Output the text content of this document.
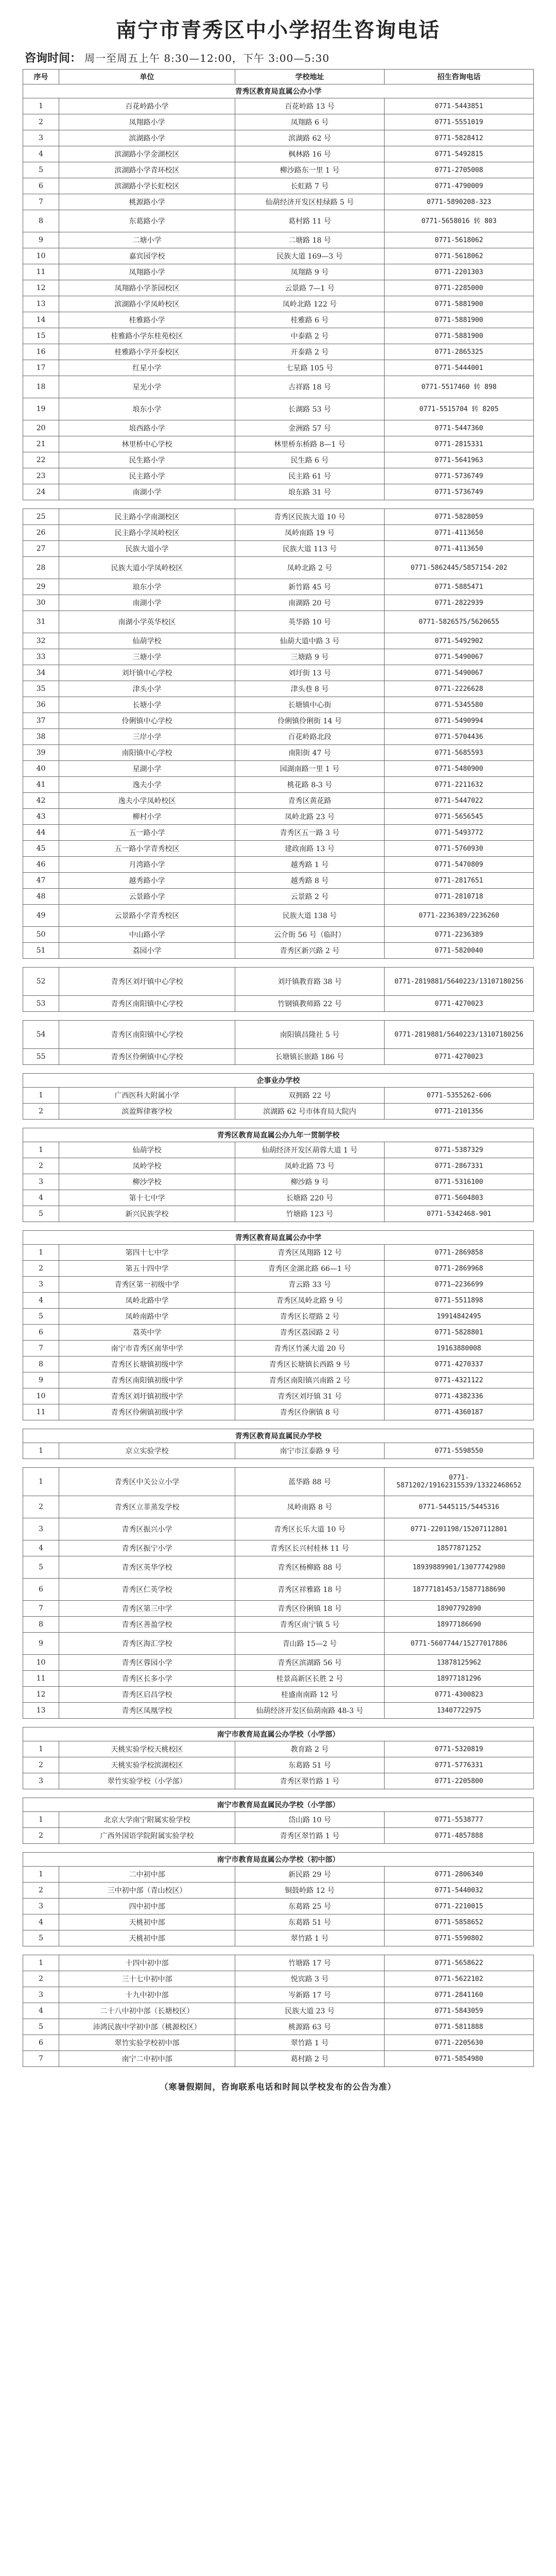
南宁市青秀区中小学招生咨询电话
咨询时间： 周一至周五上午 8:30—12:00，下午 3:00—5:30
序号	单位	学校地址	招生咨询电话
青秀区教育局直属公办小学			
1	百花岭路小学	百花岭路 13 号	0771-5443851
2	凤翔路小学	凤翔路 6 号	0771-5551019
3	滨湖路小学	滨湖路 62 号	0771-5828412
4	滨湖路小学金湖校区	枫林路 16 号	0771-5492815
5	滨湖路小学青环校区	柳沙路东一里 1 号	0771-2705008
6	滨湖路小学长虹校区	长虹路 7 号	0771-4790009
7	桃源路小学	仙葫经济开发区桂绿路 5 号	0771-5890208-323
8	东葛路小学	葛村路 11 号	0771-5658016 转 803
9	二塘小学	二塘路 18 号	0771-5618062
10	嘉宾园学校	民族大道 169—3 号	0771-5618062
11	凤翔路小学	凤翔路 9 号	0771-2201303
12	凤翔路小学茶园校区	云景路 7—1 号	0771-2285000
13	滨湖路小学凤岭校区	凤岭北路 122 号	0771-5881900
14	桂雅路小学	桂雅路 6 号	0771-5881900
15	桂雅路小学东桂苑校区	中泰路 2 号	0771-5881900
16	桂雅路小学开泰校区	开泰路 2 号	0771-2865325
17	红星小学	七星路 105 号	0771-5444001
18	星光小学	古祥路 18 号	0771-5517460 转 898
19	埌东小学	长湖路 53 号	0771-5515704 转 8205
20	埌西路小学	金洲路 57 号	0771-5447360
21	林里桥中心学校	林里桥东桥路 8—1 号	0771-2815331
22	民生路小学	民生路 6 号	0771-5641963
23	民主路小学	民主路 61 号	0771-5736749
24	南湖小学	埌东路 31 号	0771-5736749

25	民主路小学南湖校区	青秀区民族大道 10 号	0771-5828059
26	民主路小学凤岭校区	凤岭南路 19 号	0771-4113650
27	民族大道小学	民族大道 113 号	0771-4113650
28	民族大道小学凤岭校区	凤岭北路 2 号	0771-5862445/5857154-202
29	琅东小学	新竹路 45 号	0771-5885471
30	南湖小学	南湖路 20 号	0771-2822939
31	南湖小学英华校区	英华路 10 号	0771-5826575/5620655
32	仙葫学校	仙葫大道中路 3 号	0771-5492902
33	三塘小学	三塘路 9 号	0771-5490067
34	刘圩镇中心学校	刘圩街 13 号	0771-5490067
35	津头小学	津头巷 8 号	0771-2226628
36	长塘小学	长塘镇中心街	0771-5345580
37	伶俐镇中心学校	伶俐镇伶俐街 14 号	0771-5490994
38	三岸小学	百花岭路北段	0771-5704436
39	南阳镇中心学校	南阳街 47 号	0771-5685593
40	星湖小学	园湖南路一里 1 号	0771-5480900
41	逸夫小学	桃花路 8-3 号	0771-2211632
42	逸夫小学凤岭校区	青秀区黄花路	0771-5447022
43	柳村小学	凤岭北路 23 号	0771-5656545
44	五一路小学	青秀区五一路 3 号	0771-5493772
45	五一路小学青秀校区	建政南路 13 号	0771-5760930
46	月湾路小学	越秀路 1 号	0771-5470809
47	越秀路小学	越秀路 8 号	0771-2817651
48	云景路小学	云景路 2 号	0771-2810718
49	云景路小学青秀校区	民族大道 138 号	0771-2236389/2236260
50	中山路小学	云介街 56 号（临时）	0771-2236389
51	荔园小学	青秀区新兴路 2 号	0771-5820040

52	青秀区刘圩镇中心学校	刘圩镇教育路 38 号	0771-2819881/5640223/13107180256
53	青秀区南阳镇中心学校	竹钢镇教师路 22 号	0771-4270023

54	青秀区南阳镇中心学校	南阳镇昌隆社 5 号	0771-2819881/5640223/13107180256
55	青秀区伶俐镇中心学校	长塘镇长嵌路 186 号	0771-4270023

企事业办学校			
1	广西医科大附属小学	双拥路 22 号	0771-5355262-606
2	滨盈辉律赛学校	滨湖路 62 号市体育局大院内	0771-2101356

青秀区教育局直属公办九年一贯制学校			
1	仙葫学校	仙葫经济开发区葫蓉大道 1 号	0771-5387329
2	凤岭学校	凤岭北路 73 号	0771-2867331
3	柳沙学校	柳沙路 9 号	0771-5316100
4	第十七中学	长塘路 220 号	0771-5604803
5	新兴民族学校	竹塘路 123 号	0771-5342468-901

青秀区教育局直属公办中学			
1	第四十七中学	青秀区凤翔路 12 号	0771-2869858
2	第五十四中学	青秀区金湖北路 66—1 号	0771-2869968
3	青秀区第一初级中学	青云路 33 号	0771—2236699
4	凤岭北路中学	青秀区凤岭北路 9 号	0771-5511898
5	凤岭南路中学	青秀区长堽路 2 号	19914842495
6	荔英中学	青秀区荔园路 2 号	0771-5828801
7	南宁市青秀区南华中学	青秀区竹溪大道 20 号	19163880008
8	青秀区长塘镇初级中学	青秀区长塘镇长西路 9 号	0771-4270337
9	青秀区南阳镇初级中学	青秀区南阳镇兴南路 2 号	0771-4321122
10	青秀区刘圩镇初级中学	青秀区刘圩镇 31 号	0771-4382336
11	青秀区伶俐镇初级中学	青秀区伶俐镇 8 号	0771-4360187

青秀区教育局直属民办学校			
1	京立实验学校	南宁市江泰路 9 号	0771-5598550

1	青秀区中关公立小学	蓝华路 88 号	0771-5871202/19162315539/13322468652
2	青秀区立菲蒸发学校	凤岭南路 8 号	0771-5445115/5445316
3	青秀区振兴小学	青秀区长乐大道 10 号	0771-2201198/15207112801
4	青秀区振宁小学	青秀区长兴村桂林 11 号	18577871252
5	青秀区英华学校	青秀区杨柳路 88 号	18939889901/13077742980
6	青秀区仁英学校	青秀区祥雅路 18 号	18777181453/15877188690
7	青秀区第三中学	青秀区伶俐镇 18 号	18907792890
8	青秀区善盈学校	青秀区南宁镇 5 号	18977186690
9	青秀区海汇学校	青山路 15—2 号	0771-5607744/15277017886
10	青秀区蓉园小学	青秀区滨湖路 56 号	13878125962
11	青秀区长多小学	桂景高新区长胜 2 号	18977181296
12	青秀区启昌学校	桂盛南南路 12 号	0771-4300823
13	青秀区凤凰学校	仙葫经济开发区仙葫南路 48-3 号	13407722975

南宁市教育局直属公办学校（小学部）			
1	天桃实验学校天桃校区	教育路 2 号	0771-5320819
2	天桃实验学校滨湖校区	东葛路 51 号	0771-5776331
3	翠竹实验学校（小学部）	青秀区翠竹路 1 号	0771-2205800

南宁市教育局直属民办学校（小学部）			
1	北京大学南宁附属实验学校	岱山路 10 号	0771-5538777
2	广西外国语学院附属实验学校	青秀区翠竹路 1 号	0771-4857888

南宁市教育局直属公办学校（初中部）			
1	二中初中部	新民路 29 号	0771-2806340
2	三中初中部（青山校区）	铜鼓岭路 12 号	0771-5440032
3	四中初中部	东葛路 25 号	0771-2210015
4	天桃初中部	东葛路 51 号	0771-5858652
5	天桃初中部	翠竹路 1 号	0771-5590802

1	十四中初中部	竹塘路 17 号	0771-5658622
2	三十七中初中部	悦宾路 3 号	0771-5622102
3	十九中初中部	岑新路 17 号	0771-2841160
4	二十八中初中部（长塘校区）	民族大道 23 号	0771-5843059
5	沛鸿民族中学初中部（桃源校区）	桃源路 63 号	0771-5811888
6	翠竹实验学校初中部	翠竹路 1 号	0771-2205630
7	南宁二中初中部	葛村路 2 号	0771-5854980
（寒暑假期间，咨询联系电话和时间以学校发布的公告为准）
